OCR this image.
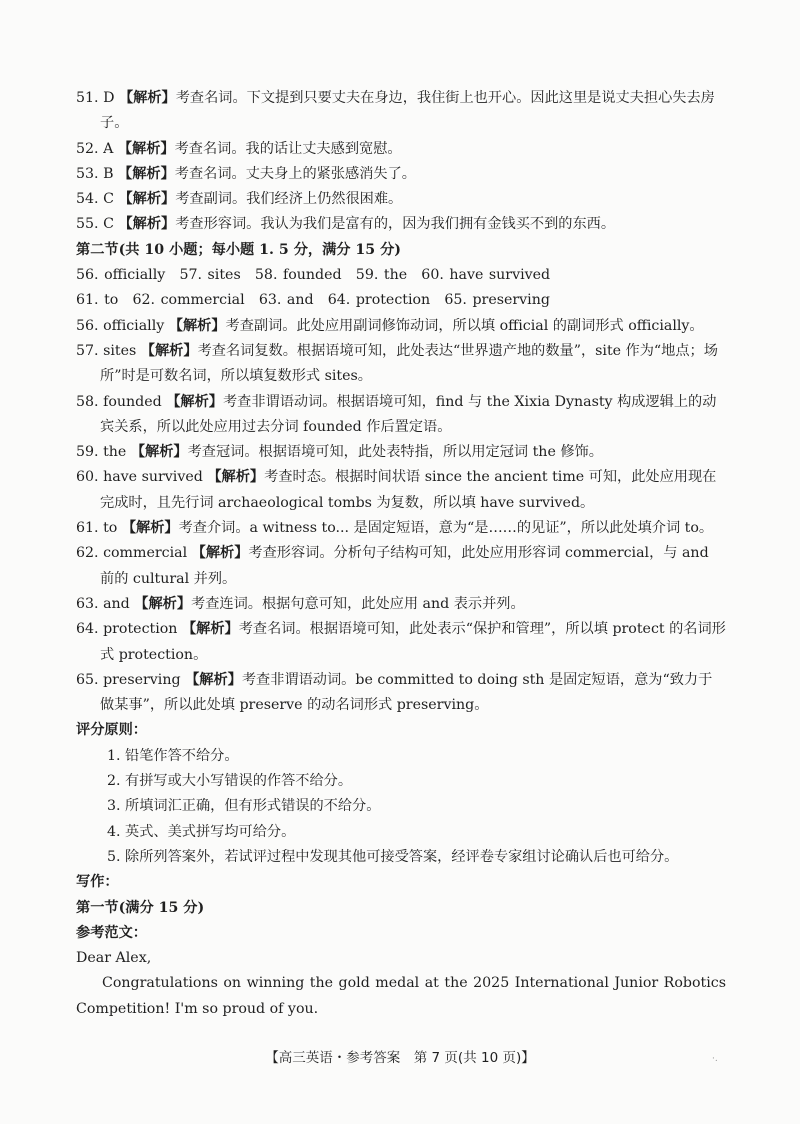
51. D 【解析】考查名词。下文提到只要丈夫在身边，我住街上也开心。因此这里是说丈夫担心失去房子。

52. A 【解析】考查名词。我的话让丈夫感到宽慰。

53. B 【解析】考查名词。丈夫身上的紧张感消失了。

54. C 【解析】考查副词。我们经济上仍然很困难。

55. C 【解析】考查形容词。我认为我们是富有的，因为我们拥有金钱买不到的东西。

第二节(共 10 小题；每小题 1. 5 分，满分 15 分)

56. officially　57. sites　58. founded　59. the　60. have survived

61. to　62. commercial　63. and　64. protection　65. preserving

56. officially 【解析】考查副词。此处应用副词修饰动词，所以填 official 的副词形式 officially。

57. sites 【解析】考查名词复数。根据语境可知，此处表达“世界遗产地的数量”，site 作为“地点；场所”时是可数名词，所以填复数形式 sites。

58. founded 【解析】考查非谓语动词。根据语境可知，find 与 the Xixia Dynasty 构成逻辑上的动宾关系，所以此处应用过去分词 founded 作后置定语。

59. the 【解析】考查冠词。根据语境可知，此处表特指，所以用定冠词 the 修饰。

60. have survived 【解析】考查时态。根据时间状语 since the ancient time 可知，此处应用现在完成时，且先行词 archaeological tombs 为复数，所以填 have survived。

61. to 【解析】考查介词。a witness to... 是固定短语，意为“是……的见证”，所以此处填介词 to。

62. commercial 【解析】考查形容词。分析句子结构可知，此处应用形容词 commercial，与 and 前的 cultural 并列。

63. and 【解析】考查连词。根据句意可知，此处应用 and 表示并列。

64. protection 【解析】考查名词。根据语境可知，此处表示“保护和管理”，所以填 protect 的名词形式 protection。

65. preserving 【解析】考查非谓语动词。be committed to doing sth 是固定短语，意为“致力于做某事”，所以此处填 preserve 的动名词形式 preserving。

评分原则：

1. 铅笔作答不给分。

2. 有拼写或大小写错误的作答不给分。

3. 所填词汇正确，但有形式错误的不给分。

4. 英式、美式拼写均可给分。

5. 除所列答案外，若试评过程中发现其他可接受答案，经评卷专家组讨论确认后也可给分。

写作：

第一节(满分 15 分)

参考范文：

Dear Alex,

Congratulations on winning the gold medal at the 2025 International Junior Robotics Competition! I'm so proud of you.

【高三英语・参考答案　第 7 页(共 10 页)】	·.
